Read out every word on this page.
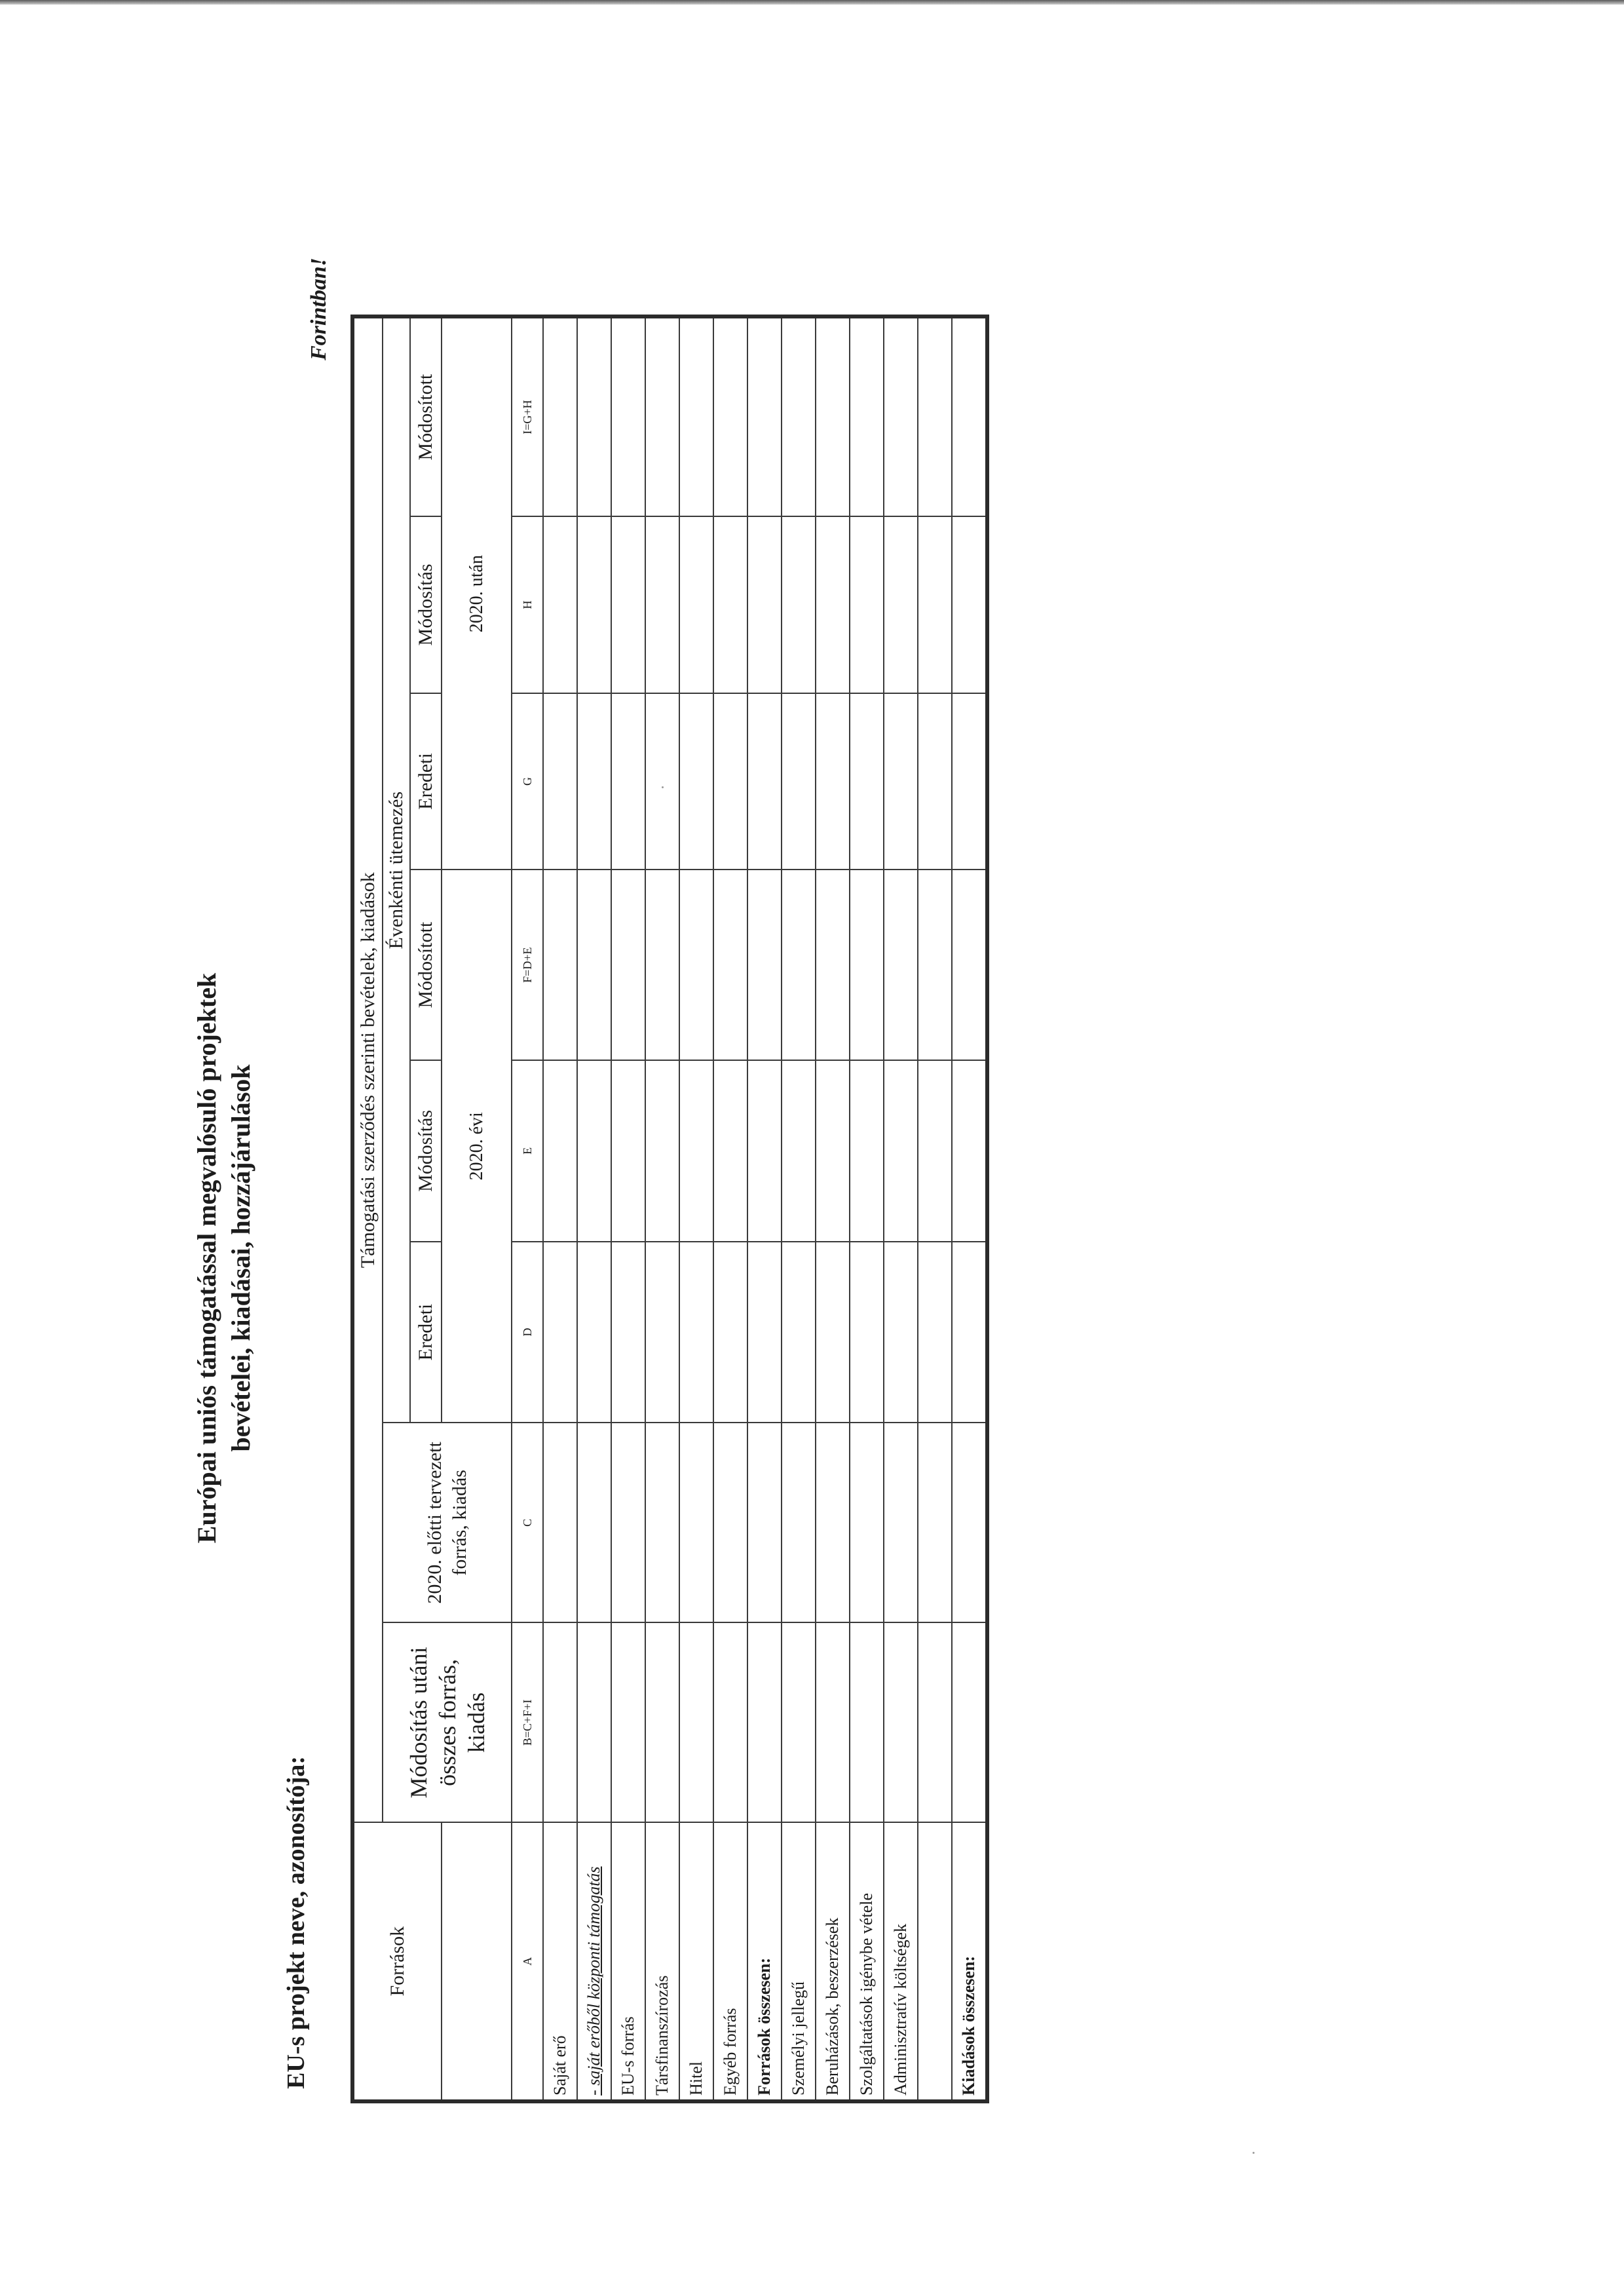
Európai uniós támogatással megvalósuló projektek bevételei, kiadásai, hozzájárulások
EU-s projekt neve, azonosítója:
Forintban!
Források	Támogatási szerződés szerinti bevételek, kiadások							
	Módosítás utáni összes forrás, kiadás	2020. előtti tervezett forrás, kiadás	Évenkénti ütemezés					
			Eredeti	Módosítás	Módosított	Eredeti	Módosítás	Módosított
			2020. évi			2020. után		
A	B=C+F+I	C	D	E	F=D+E	G	H	I=G+H
Saját erő								
- saját erőből központi támogatás								
EU-s forrás								
Társfinanszírozás								
Hitel								
Egyéb forrás								
Források összesen:								
Személyi jellegű								
Beruházások, beszerzések								
Szolgáltatások igénybe vétele								
Adminisztratív költségek								

Kiadások összesen:								
